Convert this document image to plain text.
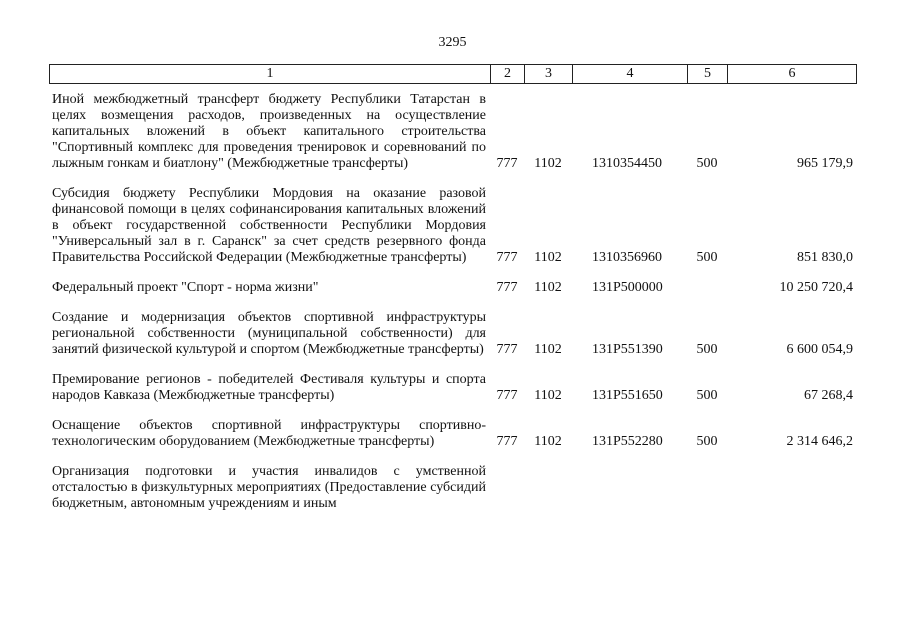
3295
1	2	3	4	5	6
Иной межбюджетный трансферт бюджету Республики Татарстан в целях возмещения расходов, произведенных на осуществление капитальных вложений в объект капитального строительства "Спортивный комплекс для проведения тренировок и соревнований по лыжным гонкам и биатлону" (Межбюджетные трансферты)	777	1102	1310354450	500	965 179,9
Субсидия бюджету Республики Мордовия на оказание разовой финансовой помощи в целях софинансирования капитальных вложений в объект государственной собственности Республики Мордовия "Универсальный зал в г. Саранск" за счет средств резервного фонда Правительства Российской Федерации (Межбюджетные трансферты)	777	1102	1310356960	500	851 830,0
Федеральный проект "Спорт - норма жизни"	777	1102	131P500000		10 250 720,4
Создание и модернизация объектов спортивной инфраструктуры региональной собственности (муниципальной собственности) для занятий физической культурой и спортом (Межбюджетные трансферты)	777	1102	131P551390	500	6 600 054,9
Премирование регионов - победителей Фестиваля культуры и спорта народов Кавказа (Межбюджетные трансферты)	777	1102	131P551650	500	67 268,4
Оснащение объектов спортивной инфраструктуры спортивно-технологическим оборудованием (Межбюджетные трансферты)	777	1102	131P552280	500	2 314 646,2
Организация подготовки и участия инвалидов с умственной отсталостью в физкультурных мероприятиях (Предоставление субсидий бюджетным, автономным учреждениям и иным					
